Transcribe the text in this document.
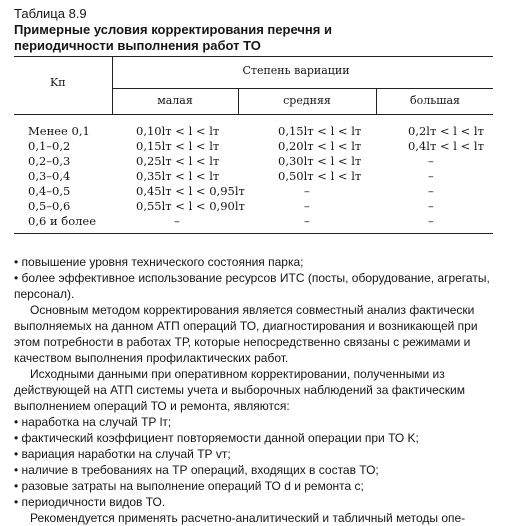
Таблица 8.9
Примерные условия корректирования перечня и периодичности выполнения работ ТО
Kп
Степень вариации
малая	средняя	большая
Менее 0,1	0,10lт < l < lт	0,15lт < l < lт	0,2lт < l < lт
0,1–0,2	0,15lт < l < lт	0,20lт < l < lт	0,4lт < l < lт
0,2–0,3	0,25lт < l < lт	0,30lт < l < lт	–
0,3–0,4	0,35lт < l < lт	0,50lт < l < lт	–
0,4–0,5	0,45lт < l < 0,95lт	–	–
0,5–0,6	0,55lт < l < 0,90lт	–	–
0,6 и более	–	–	–
• повышение уровня технического состояния парка;
• более эффективное использование ресурсов ИТС (посты, оборудование, агрегаты, персонал).
Основным методом корректирования является совместный анализ фактически выполняемых на данном АТП операций ТО, диагностирования и возникающей при этом потребности в работах ТР, которые непосредственно связаны с режимами и качеством выполнения профилактических работ.
Исходными данными при оперативном корректировании, полученными из действующей на АТП системы учета и выборочных наблюдений за фактическим выполнением операций ТО и ремонта, являются:
• наработка на случай ТР lт;
• фактический коэффициент повторяемости данной операции при ТО K;
• вариация наработки на случай ТР vт;
• наличие в требованиях на ТР операций, входящих в состав ТО;
• разовые затраты на выполнение операций ТО d и ремонта c;
• периодичности видов ТО.
Рекомендуется применять расчетно-аналитический и табличный методы опе-
